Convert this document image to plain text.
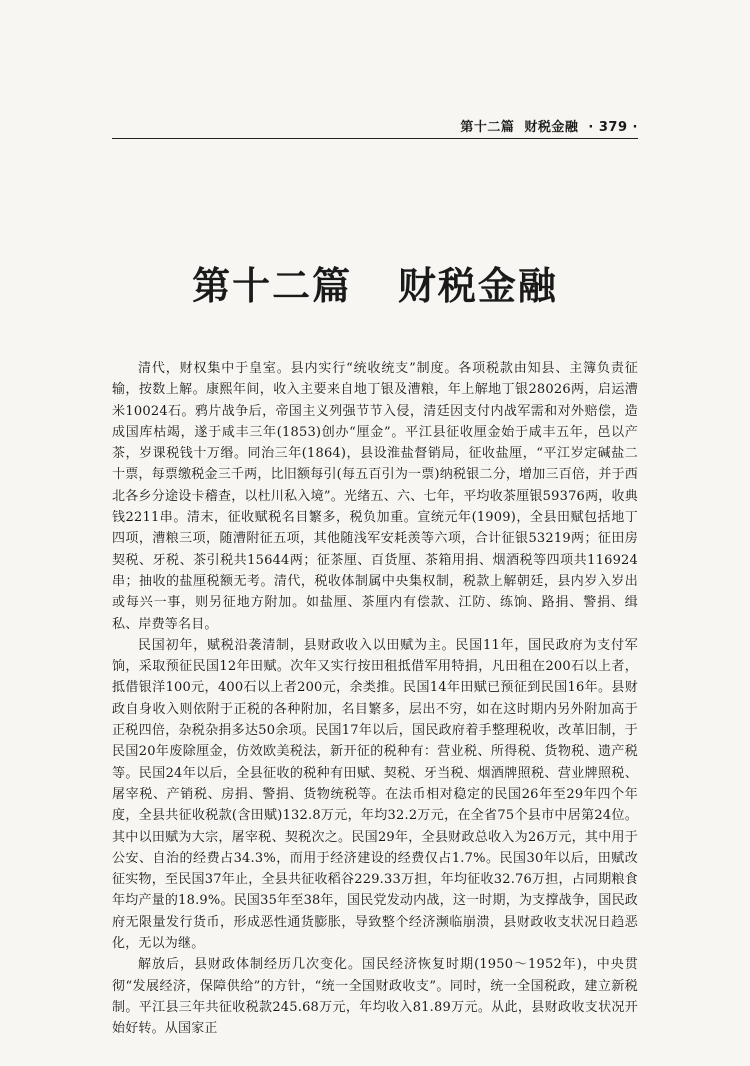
第十二篇 财税金融 · 379 ·
第十二篇   财税金融

清代，财权集中于皇室。县内实行“统收统支”制度。各项税款由知县、主簿负责征输，按数上解。康熙年间，收入主要来自地丁银及漕粮，年上解地丁银28026两，启运漕米10024石。鸦片战争后，帝国主义列强节节入侵，清廷因支付内战军需和对外赔偿，造成国库枯竭，遂于咸丰三年(1853)创办“厘金”。平江县征收厘金始于咸丰五年，邑以产茶，岁课税钱十万缗。同治三年(1864)，县设淮盐督销局，征收盐厘，“平江岁定碱盐二十票，每票缴税金三千两，比旧额每引(每五百引为一票)纳税银二分，增加三百倍，并于西北各乡分途设卡稽查，以杜川私入境”。光绪五、六、七年，平均收茶厘银59376两，收典钱2211串。清末，征收赋税名目繁多，税负加重。宣统元年(1909)，全县田赋包括地丁四项，漕粮三项，随漕附征五项，其他随浅军安耗羡等六项，合计征银53219两；征田房契税、牙税、茶引税共15644两；征茶厘、百货厘、茶箱用捐、烟酒税等四项共116924串；抽收的盐厘税额无考。清代，税收体制属中央集权制，税款上解朝廷，县内岁入岁出或每兴一事，则另征地方附加。如盐厘、茶厘内有偿款、江防、练饷、路捐、警捐、缉私、岸费等名目。

民国初年，赋税沿袭清制，县财政收入以田赋为主。民国11年，国民政府为支付军饷，采取预征民国12年田赋。次年又实行按田租抵借军用特捐，凡田租在200石以上者，抵借银洋100元，400石以上者200元，余类推。民国14年田赋已预征到民国16年。县财政自身收入则依附于正税的各种附加，名目繁多，层出不穷，如在这时期内另外附加高于正税四倍，杂税杂捐多达50余项。民国17年以后，国民政府着手整理税收，改革旧制，于民国20年废除厘金，仿效欧美税法，新开征的税种有：营业税、所得税、货物税、遗产税等。民国24年以后，全县征收的税种有田赋、契税、牙当税、烟酒牌照税、营业牌照税、屠宰税、产销税、房捐、警捐、货物统税等。在法币相对稳定的民国26年至29年四个年度，全县共征收税款(含田赋)132.8万元，年均32.2万元，在全省75个县市中居第24位。其中以田赋为大宗，屠宰税、契税次之。民国29年，全县财政总收入为26万元，其中用于公安、自治的经费占34.3%，而用于经济建设的经费仅占1.7%。民国30年以后，田赋改征实物，至民国37年止，全县共征收稻谷229.33万担，年均征收32.76万担，占同期粮食年均产量的18.9%。民国35年至38年，国民党发动内战，这一时期，为支撑战争，国民政府无限量发行货币，形成恶性通货膨胀，导致整个经济濒临崩溃，县财政收支状况日趋恶化，无以为继。

解放后，县财政体制经历几次变化。国民经济恢复时期(1950～1952年)，中央贯彻“发展经济，保障供给”的方针，“统一全国财政收支”。同时，统一全国税政，建立新税制。平江县三年共征收税款245.68万元，年均收入81.89万元。从此，县财政收支状况开始好转。从国家正
